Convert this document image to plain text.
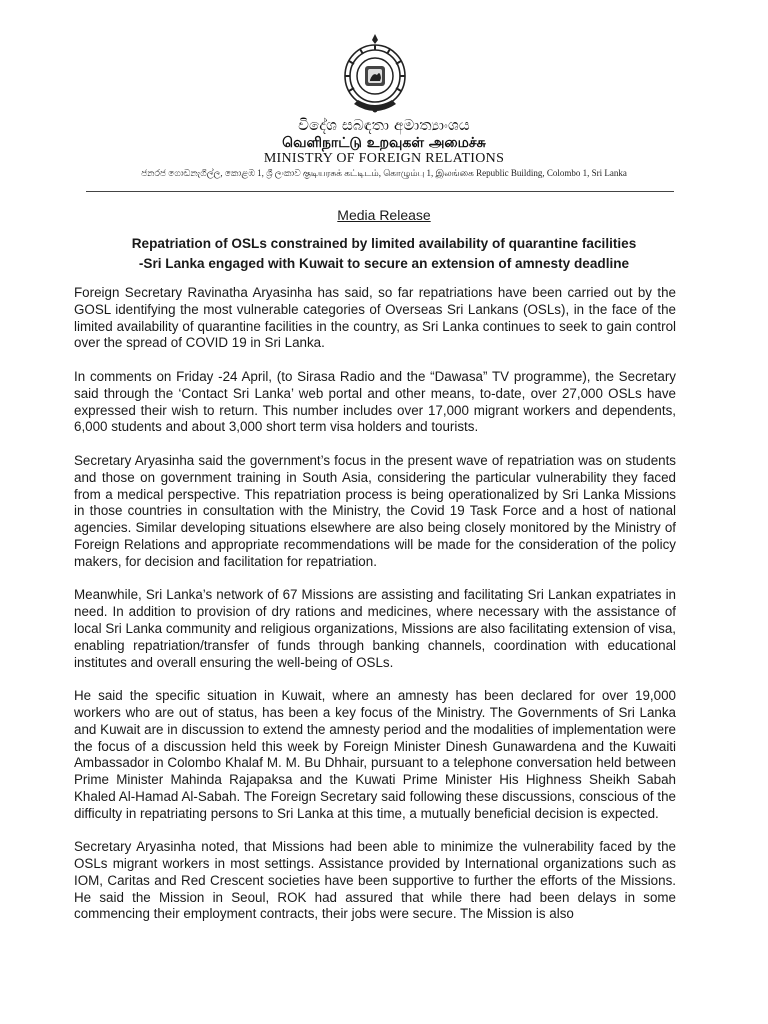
විදේශ සබඳතා අමාත්‍යාංශය
வெளிநாட்டு உறவுகள் அமைச்சு
MINISTRY OF FOREIGN RELATIONS
ජනරජ ගොඩනැගිල්ල, කොළඹ 1, ශ්‍රී ලංකාව குடியரசுக் கட்டிடம், கொழும்பு 1, இலங்கை Republic Building, Colombo 1, Sri Lanka
Media Release
Repatriation of OSLs constrained by limited availability of quarantine facilities
-Sri Lanka engaged with Kuwait to secure an extension of amnesty deadline

Foreign Secretary Ravinatha Aryasinha has said, so far repatriations have been carried out by the GOSL identifying the most vulnerable categories of Overseas Sri Lankans (OSLs), in the face of the limited availability of quarantine facilities in the country, as Sri Lanka continues to seek to gain control over the spread of COVID 19 in Sri Lanka.

In comments on Friday -24 April, (to Sirasa Radio and the “Dawasa” TV programme), the Secretary said through the ‘Contact Sri Lanka’ web portal and other means, to-date, over 27,000 OSLs have expressed their wish to return. This number includes over 17,000 migrant workers and dependents, 6,000 students and about 3,000 short term visa holders and tourists.

Secretary Aryasinha said the government’s focus in the present wave of repatriation was on students and those on government training in South Asia, considering the particular vulnerability they faced from a medical perspective. This repatriation process is being operationalized by Sri Lanka Missions in those countries in consultation with the Ministry, the Covid 19 Task Force and a host of national agencies. Similar developing situations elsewhere are also being closely monitored by the Ministry of Foreign Relations and appropriate recommendations will be made for the consideration of the policy makers, for decision and facilitation for repatriation.

Meanwhile, Sri Lanka’s network of 67 Missions are assisting and facilitating Sri Lankan expatriates in need. In addition to provision of dry rations and medicines, where necessary with the assistance of local Sri Lanka community and religious organizations, Missions are also facilitating extension of visa, enabling repatriation/transfer of funds through banking channels, coordination with educational institutes and overall ensuring the well-being of OSLs.

He said the specific situation in Kuwait, where an amnesty has been declared for over 19,000 workers who are out of status, has been a key focus of the Ministry. The Governments of Sri Lanka and Kuwait are in discussion to extend the amnesty period and the modalities of implementation were the focus of a discussion held this week by Foreign Minister Dinesh Gunawardena and the Kuwaiti Ambassador in Colombo Khalaf M. M. Bu Dhhair, pursuant to a telephone conversation held between Prime Minister Mahinda Rajapaksa and the Kuwati Prime Minister His Highness Sheikh Sabah Khaled Al-Hamad Al-Sabah. The Foreign Secretary said following these discussions, conscious of the difficulty in repatriating persons to Sri Lanka at this time, a mutually beneficial decision is expected.

Secretary Aryasinha noted, that Missions had been able to minimize the vulnerability faced by the OSLs migrant workers in most settings. Assistance provided by International organizations such as IOM, Caritas and Red Crescent societies have been supportive to further the efforts of the Missions. He said the Mission in Seoul, ROK had assured that while there had been delays in some commencing their employment contracts, their jobs were secure. The Mission is also
